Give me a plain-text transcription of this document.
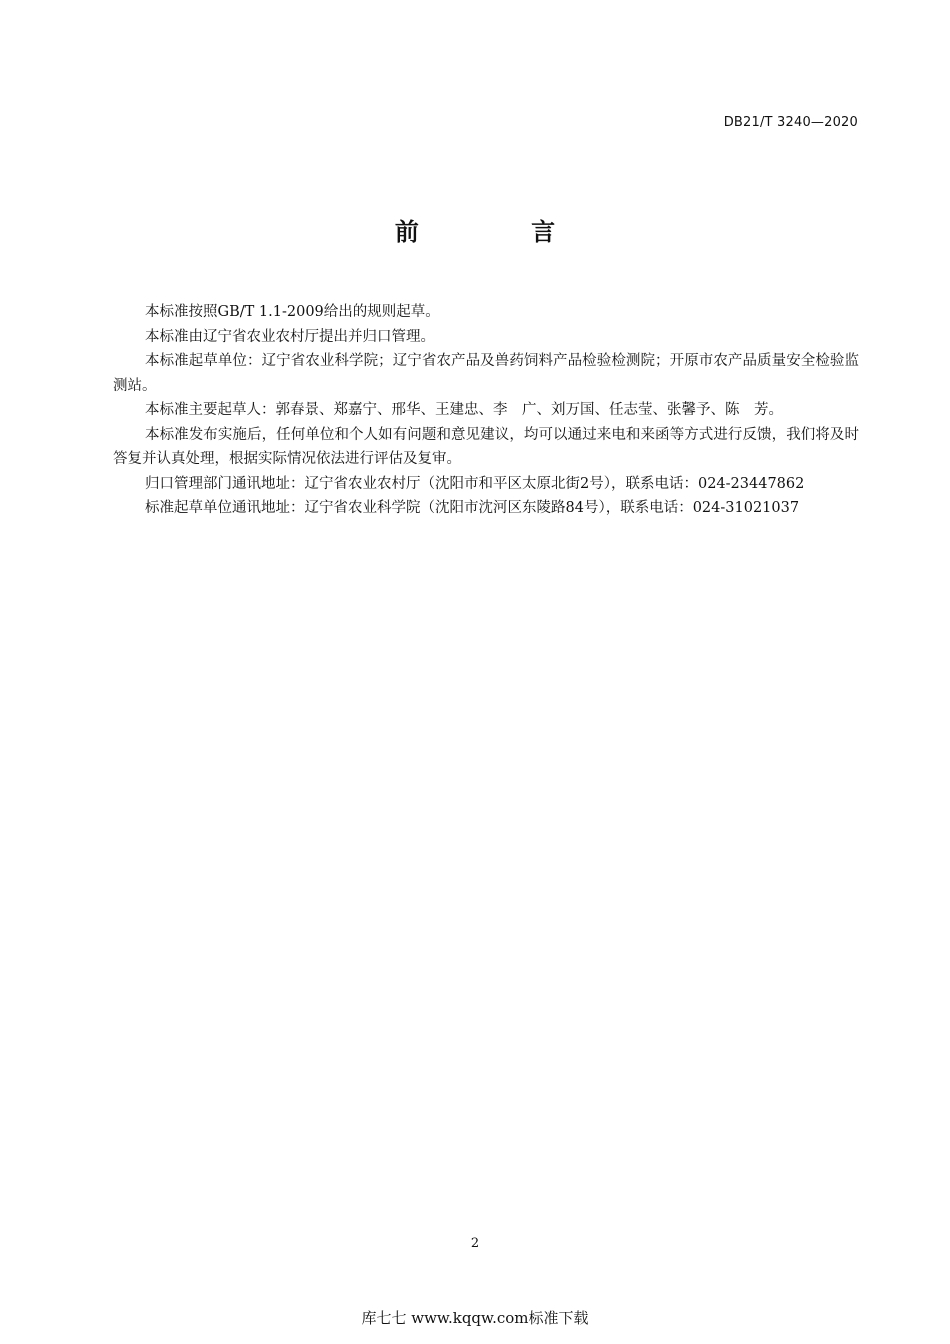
DB21/T 3240—2020
前 言

本标准按照GB/T 1.1-2009给出的规则起草。

本标准由辽宁省农业农村厅提出并归口管理。

本标准起草单位：辽宁省农业科学院；辽宁省农产品及兽药饲料产品检验检测院；开原市农产品质量安全检验监测站。

本标准主要起草人：郭春景、郑嘉宁、邢华、王建忠、李　广、刘万国、任志莹、张馨予、陈　芳。

本标准发布实施后，任何单位和个人如有问题和意见建议，均可以通过来电和来函等方式进行反馈，我们将及时答复并认真处理，根据实际情况依法进行评估及复审。

归口管理部门通讯地址：辽宁省农业农村厅（沈阳市和平区太原北街2号），联系电话：024-23447862

标准起草单位通讯地址：辽宁省农业科学院（沈阳市沈河区东陵路84号），联系电话：024-31021037

2
库七七 www.kqqw.com标准下载
